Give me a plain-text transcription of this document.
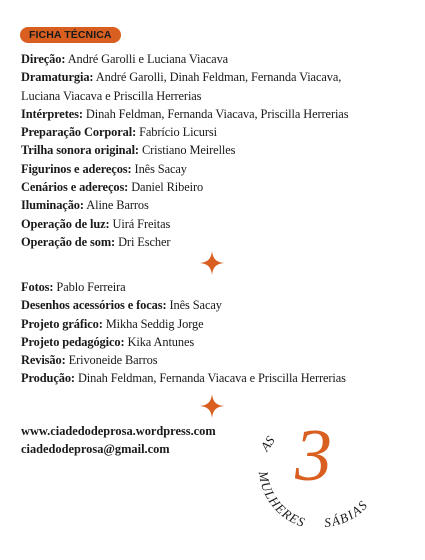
FICHA TÉCNICA
Direção: André Garolli e Luciana Viacava
Dramaturgia: André Garolli, Dinah Feldman, Fernanda Viacava,
Luciana Viacava e Priscilla Herrerias
Intérpretes: Dinah Feldman, Fernanda Viacava, Priscilla Herrerias
Preparação Corporal: Fabrício Licursi
Trilha sonora original: Cristiano Meirelles
Figurinos e adereços: Inês Sacay
Cenários e adereços: Daniel Ribeiro
Iluminação: Aline Barros
Operação de luz: Uirá Freitas
Operação de som: Dri Escher
Fotos: Pablo Ferreira
Desenhos acessórios e focas: Inês Sacay
Projeto gráfico: Mikha Seddig Jorge
Projeto pedagógico: Kika Antunes
Revisão: Erivoneide Barros
Produção: Dinah Feldman, Fernanda Viacava e Priscilla Herrerias
www.ciadedodeprosa.wordpress.com
ciadedodeprosa@gmail.com	3
AS
MULHERES SÁBIAS
